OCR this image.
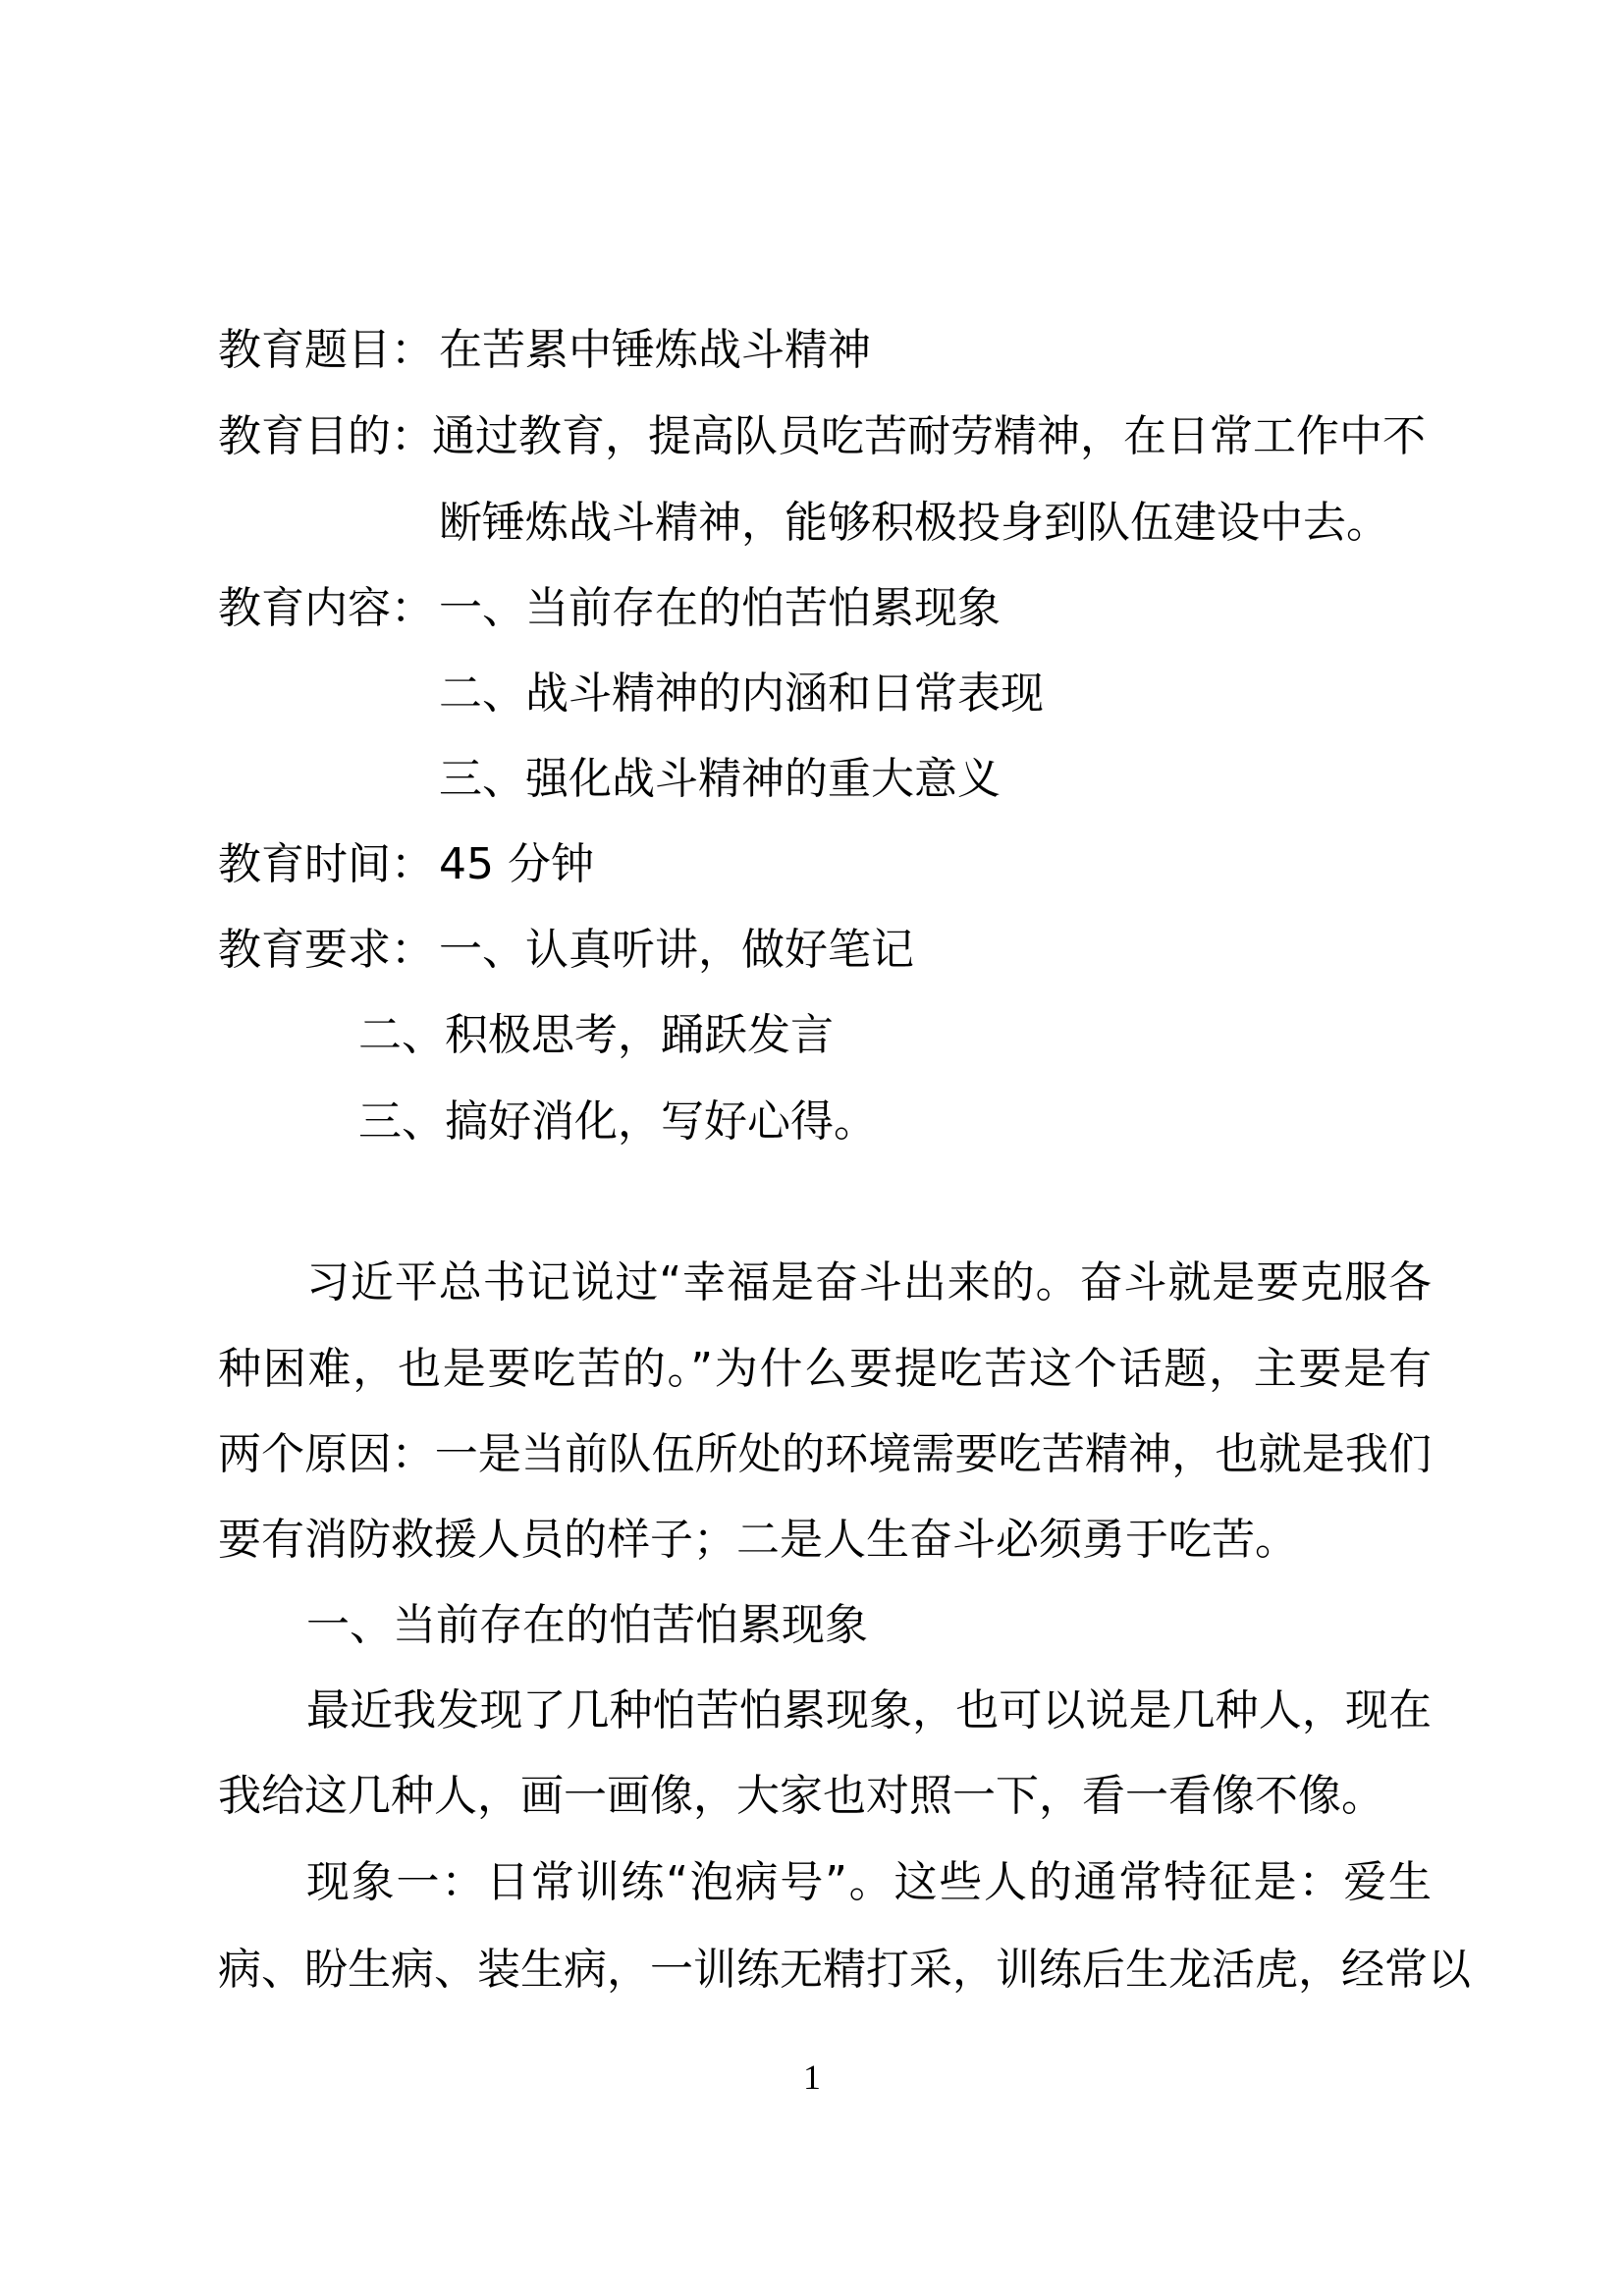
教育题目： 在苦累中锤炼战斗精神
教育目的：通过教育，提高队员吃苦耐劳精神，在日常工作中不
断锤炼战斗精神，能够积极投身到队伍建设中去。
教育内容： 一、当前存在的怕苦怕累现象
二、战斗精神的内涵和日常表现
三、强化战斗精神的重大意义
教育时间： 45 分钟
教育要求： 一、认真听讲，做好笔记
二、积极思考，踊跃发言
三、搞好消化，写好心得。
习近平总书记说过“幸福是奋斗出来的。奋斗就是要克服各
种困难，也是要吃苦的。”为什么要提吃苦这个话题，主要是有
两个原因：一是当前队伍所处的环境需要吃苦精神，也就是我们
要有消防救援人员的样子；二是人生奋斗必须勇于吃苦。
一、当前存在的怕苦怕累现象
最近我发现了几种怕苦怕累现象，也可以说是几种人，现在
我给这几种人，画一画像，大家也对照一下，看一看像不像。
现象一：日常训练“泡病号”。这些人的通常特征是：爱生
病、盼生病、装生病，一训练无精打采，训练后生龙活虎，经常以
1
